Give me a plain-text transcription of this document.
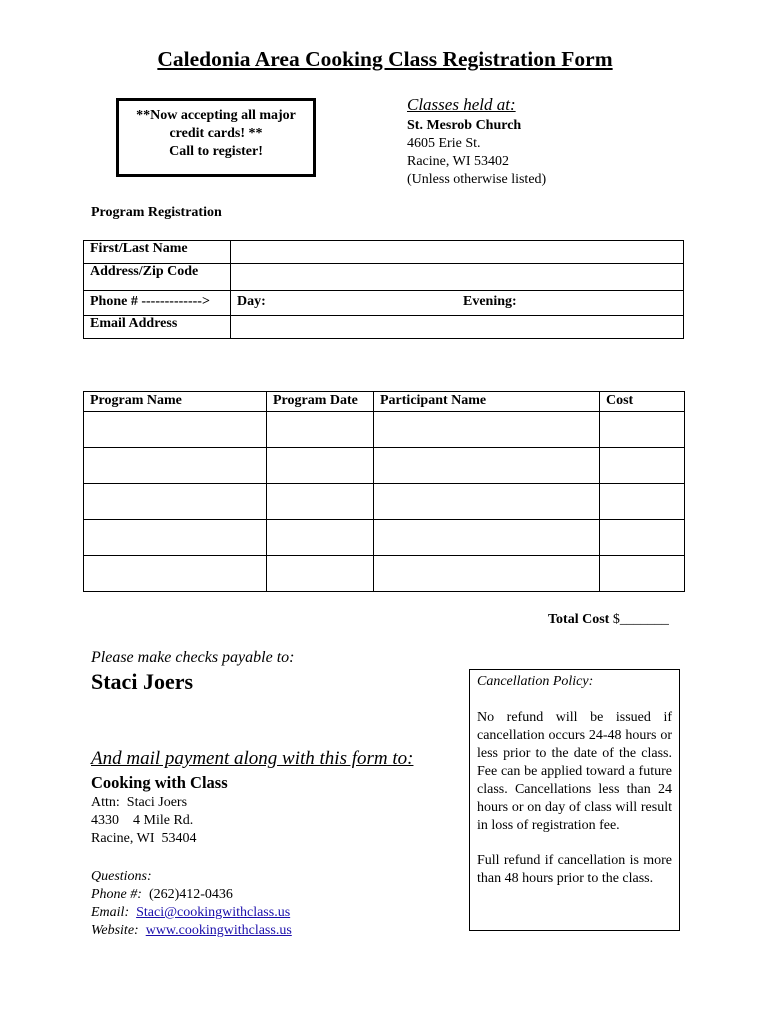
Caledonia Area Cooking Class Registration Form
**Now accepting all major
credit cards! **
Call to register!
Classes held at:
St. Mesrob Church
4605 Erie St.
Racine, WI 53402
(Unless otherwise listed)
Program Registration
First/Last Name		
Address/Zip Code		
Phone # ------------->	Day:	Evening:
Email Address		
Program Name	Program Date	Participant Name	Cost

Total Cost $_______
Please make checks payable to:
Staci Joers
And mail payment along with this form to:
Cooking with Class
Attn:  Staci Joers
4330    4 Mile Rd.
Racine, WI  53404
Questions:
Phone #: (262)412-0436
Email: Staci@cookingwithclass.us
Website: www.cookingwithclass.us
Cancellation Policy:
No refund will be issued if cancellation occurs 24-48 hours or less prior to the date of the class. Fee can be applied toward a future class. Cancellations less than 24 hours or on day of class will result in loss of registration fee.
Full refund if cancellation is more than 48 hours prior to the class.
